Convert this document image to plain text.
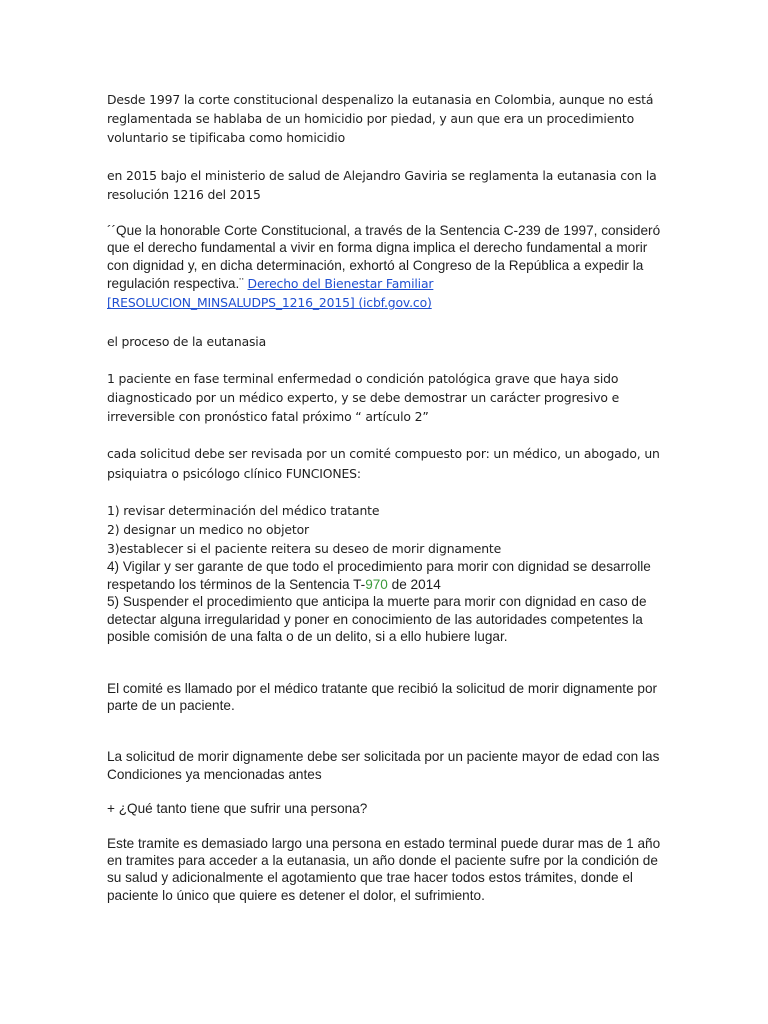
Desde 1997 la corte constitucional despenalizo la eutanasia en Colombia, aunque no está reglamentada se hablaba de un homicidio por piedad, y aun que era un procedimiento voluntario se tipificaba como homicidio

en 2015 bajo el ministerio de salud de Alejandro Gaviria se reglamenta la eutanasia con la resolución 1216 del 2015

´´Que la honorable Corte Constitucional, a través de la Sentencia C-239 de 1997, consideró que el derecho fundamental a vivir en forma digna implica el derecho fundamental a morir con dignidad y, en dicha determinación, exhortó al Congreso de la República a expedir la regulación respectiva.¨ Derecho del Bienestar Familiar [RESOLUCION_MINSALUDPS_1216_2015] (icbf.gov.co)

el proceso de la eutanasia

1 paciente en fase terminal enfermedad o condición patológica grave que haya sido diagnosticado por un médico experto, y se debe demostrar un carácter progresivo e irreversible con pronóstico fatal próximo “ artículo 2”

cada solicitud debe ser revisada por un comité compuesto por: un médico, un abogado, un psiquiatra o psicólogo clínico FUNCIONES:

1) revisar determinación del médico tratante
2) designar un medico no objetor
3)establecer si el paciente reitera su deseo de morir dignamente
4) Vigilar y ser garante de que todo el procedimiento para morir con dignidad se desarrolle respetando los términos de la Sentencia T-970 de 2014
5) Suspender el procedimiento que anticipa la muerte para morir con dignidad en caso de detectar alguna irregularidad y poner en conocimiento de las autoridades competentes la posible comisión de una falta o de un delito, si a ello hubiere lugar.

El comité es llamado por el médico tratante que recibió la solicitud de morir dignamente por parte de un paciente.

La solicitud de morir dignamente debe ser solicitada por un paciente mayor de edad con las Condiciones ya mencionadas antes

+ ¿Qué tanto tiene que sufrir una persona?

Este tramite es demasiado largo una persona en estado terminal puede durar mas de 1 año en tramites para acceder a la eutanasia, un año donde el paciente sufre por la condición de su salud y adicionalmente el agotamiento que trae hacer todos estos trámites, donde el paciente lo único que quiere es detener el dolor, el sufrimiento.
